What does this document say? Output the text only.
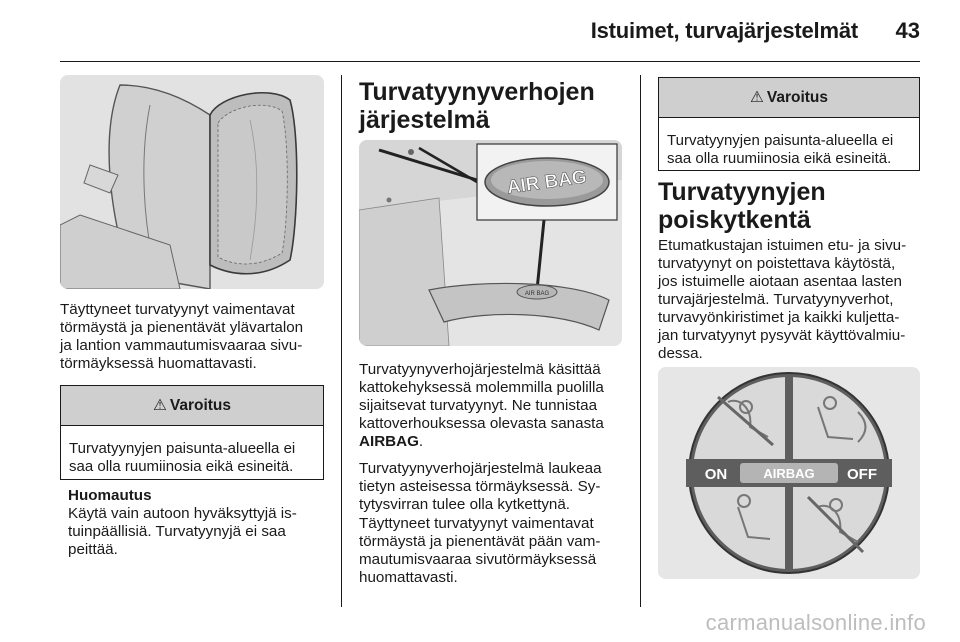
Istuimet, turvajärjestelmät 43

Täyttyneet turvatyynyt vaimentavat
törmäystä ja pienentävät ylävartalon
ja lantion vammautumisvaaraa sivu-
törmäyksessä huomattavasti.

⚠ Varoitus
Turvatyynyjen paisunta-alueella ei
saa olla ruumiinosia eikä esineitä.

Huomautus
Käytä vain autoon hyväksyttyjä is-
tuinpäällisiä. Turvatyynyjä ei saa
peittää.

Turvatyynyverhojen
järjestelmä
AIR BAG
AIR BAG

Turvatyynyverhojärjestelmä käsittää
kattokehyksessä molemmilla puolilla
sijaitsevat turvatyynyt. Ne tunnistaa
kattoverhouksessa olevasta sanasta
AIRBAG.

Turvatyynyverhojärjestelmä laukeaa
tietyn asteisessa törmäyksessä. Sy-
tytysvirran tulee olla kytkettynä.

Täyttyneet turvatyynyt vaimentavat
törmäystä ja pienentävät pään vam-
mautumisvaaraa sivutörmäyksessä
huomattavasti.

⚠ Varoitus
Turvatyynyjen paisunta-alueella ei
saa olla ruumiinosia eikä esineitä.
Turvatyynyjen
poiskytkentä

Etumatkustajan istuimen etu- ja sivu-
turvatyynyt on poistettava käytöstä,
jos istuimelle aiotaan asentaa lasten
turvajärjestelmä. Turvatyynyverhot,
turvavyönkiristimet ja kaikki kuljetta-
jan turvatyynyt pysyvät käyttövalmiu-
dessa.

ON	AIRBAG OFF
carmanualsonline.info
